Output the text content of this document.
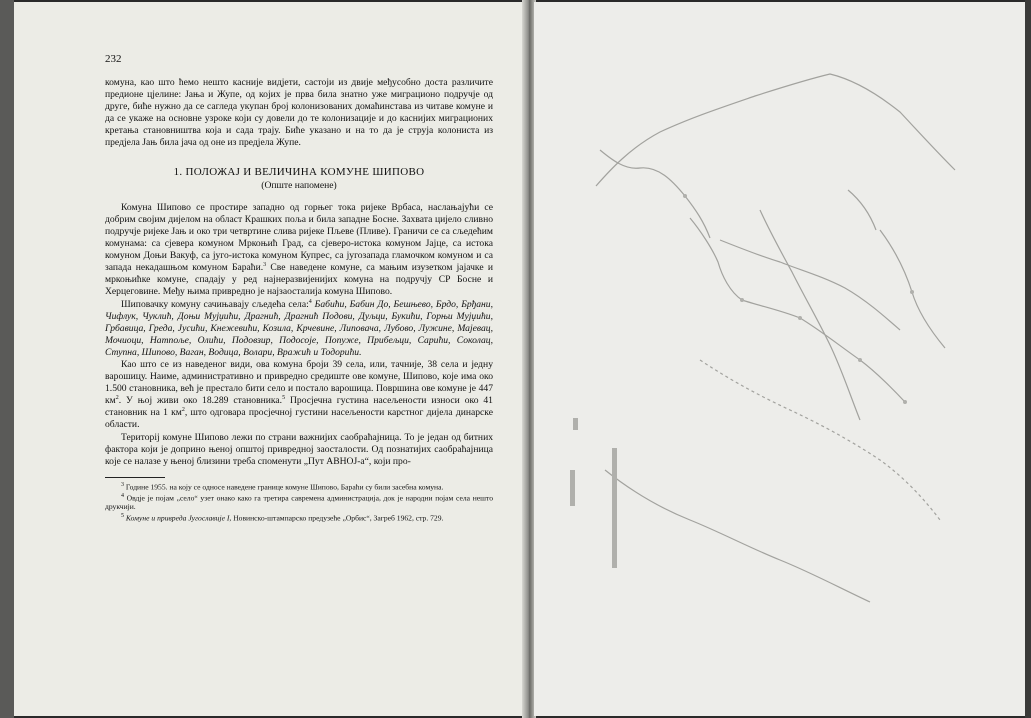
232

комуна, као што ћемо нешто касније видјети, састоји из двије међусобно доста различите предионе цјелине: Јања и Жупе, од којих је прва била знатно уже миграционо подручје од друге, биће нужно да се сагледа укупан број колонизованих домаћинстава из читаве комуне и да се укаже на основне узроке који су довели до те колонизације и до каснијих миграционих кретања становништва која и сада трају. Биће указано и на то да је струја колониста из предјела Јањ била јача од оне из предјела Жупе.

1. ПОЛОЖАЈ И ВЕЛИЧИНА КОМУНЕ ШИПОВО
(Опште напомене)

Комуна Шипово се простире западно од горњег тока ријеке Врбаса, наслањајући се добрим својим дијелом на област Крашких поља и била западне Босне. Захвата цијело сливно подручје ријеке Јањ и око три четвртине слива ријеке Пљеве (Пливе). Граничи се са сљедећим комунама: са сјевера комуном Мркоњић Град, са сјеверо-истока комуном Јајце, са истока комуном Доњи Вакуф, са југо-истока комуном Купрес, са југозапада гламочком комуном и са запада некадашњом комуном Бараћи.$^3$ Све наведене комуне, са мањим изузетком јајачке и мркоњићке комуне, спадају у ред најнеразвијенијих комуна на подручју СР Босне и Херцеговине. Међу њима привредно је најзаосталија комуна Шипово.

Шиповачку комуну сачињавају сљедећа села:$^4$ Бабићи, Бабин До, Бешњево, Брдо, Брђани, Чифлук, Чуклић, Доњи Мујџићи, Драгнић, Драгнић Подови, Дуљци, Букићи, Горњи Мујџићи, Грбавица, Греда, Јусићи, Кнежевићи, Козила, Крчевине, Липовача, Лубово, Лужине, Мајевац, Мочиоци, Натпоље, Олићи, Подовзир, Подосоје, Попуже, Прибељци, Сарићи, Соколац, Ступна, Шипово, Ваган, Водица, Волари, Вражић и Тодорићи.

Као што се из наведеног види, ова комуна броји 39 села, или, тачније, 38 села и једну варошицу. Наиме, административно и привредно средиште ове комуне, Шипово, које има око 1.500 становника, већ је престало бити село и постало варошица. Површина ове комуне је 447 $км^2$. У њој живи око 18.289 становника.$^5$ Просјечна густина насељености износи око 41 становник на 1 $км^2$, што одговара просјечној густини насељености карстног дијела динарске области.

Територij комуне Шипово лежи по страни важнијих саобраћајница. То је један од битних фактора који је доприно њеној општој привредној заосталости. Од познатијих саобраћајница које се налазе у њеној близини треба споменути „Пут АВНОЈ-а“, који про-

$^3$ Године 1955. на коју се односе наведене границе комуне Шипово, Бараћи су били засебна комуна.
$^4$ Овдје је појам „село“ узет онако како га третира савремена администрација, док је народни појам села нешто друкчији.
$^5$ Комуне и привреда Југославије I, Новинско-штампарско предузеће „Орбис“, Загреб 1962, стр. 729.
